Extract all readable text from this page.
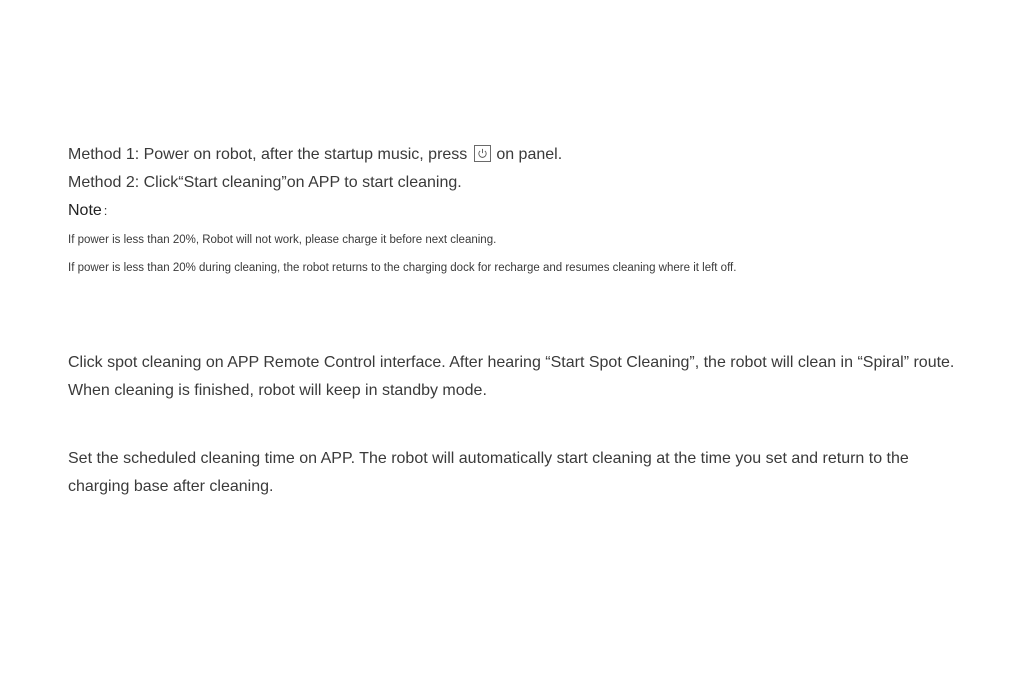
Method 1: Power on robot, after the startup music, press on panel.
Method 2: Click“Start cleaning”on APP to start cleaning.
Note :
If power is less than 20%, Robot will not work, please charge it before next cleaning.
If power is less than 20% during cleaning, the robot returns to the charging dock for recharge and resumes cleaning where it left off.
Click spot cleaning on APP Remote Control interface. After hearing “Start Spot Cleaning”, the robot will clean in “Spiral” route.
When cleaning is finished, robot will keep in standby mode.
Set the scheduled cleaning time on APP. The robot will automatically start cleaning at the time you set and return to the
charging base after cleaning.
